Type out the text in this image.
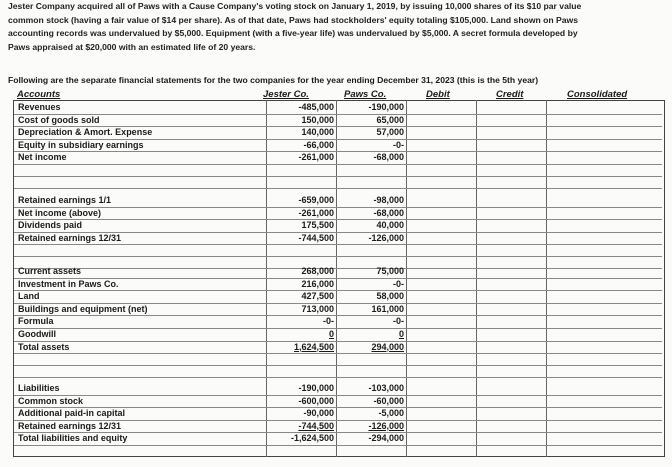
Jester Company acquired all of Paws with a Cause Company's voting stock on January 1, 2019, by issuing 10,000 shares of its $10 par value

common stock (having a fair value of $14 per share). As of that date, Paws had stockholders' equity totaling $105,000. Land shown on Paws

accounting records was undervalued by $5,000. Equipment (with a five-year life) was undervalued by $5,000. A secret formula developed by

Paws appraised at $20,000 with an estimated life of 20 years.

Following are the separate financial statements for the two companies for the year ending December 31, 2023 (this is the 5th year)
Accounts	Jester Co.	Paws Co.	Debit	Credit	Consolidated
Revenues	-485,000	-190,000
Cost of goods sold	150,000	65,000
Depreciation & Amort. Expense	140,000	57,000
Equity in subsidiary earnings	-66,000	-0-
Net income	-261,000	-68,000
Retained earnings 1/1	-659,000	-98,000
Net income (above)	-261,000	-68,000
Dividends paid	175,500	40,000
Retained earnings 12/31	-744,500	-126,000
Current assets	268,000	75,000
Investment in Paws Co.	216,000	-0-
Land	427,500	58,000
Buildings and equipment (net)	713,000	161,000
Formula	-0-	-0-
Goodwill	0	0
Total assets	1,624,500	294,000
Liabilities	-190,000	-103,000
Common stock	-600,000	-60,000
Additional paid-in capital	-90,000	-5,000
Retained earnings 12/31	-744,500	-126,000
Total liabilities and equity	-1,624,500	-294,000
